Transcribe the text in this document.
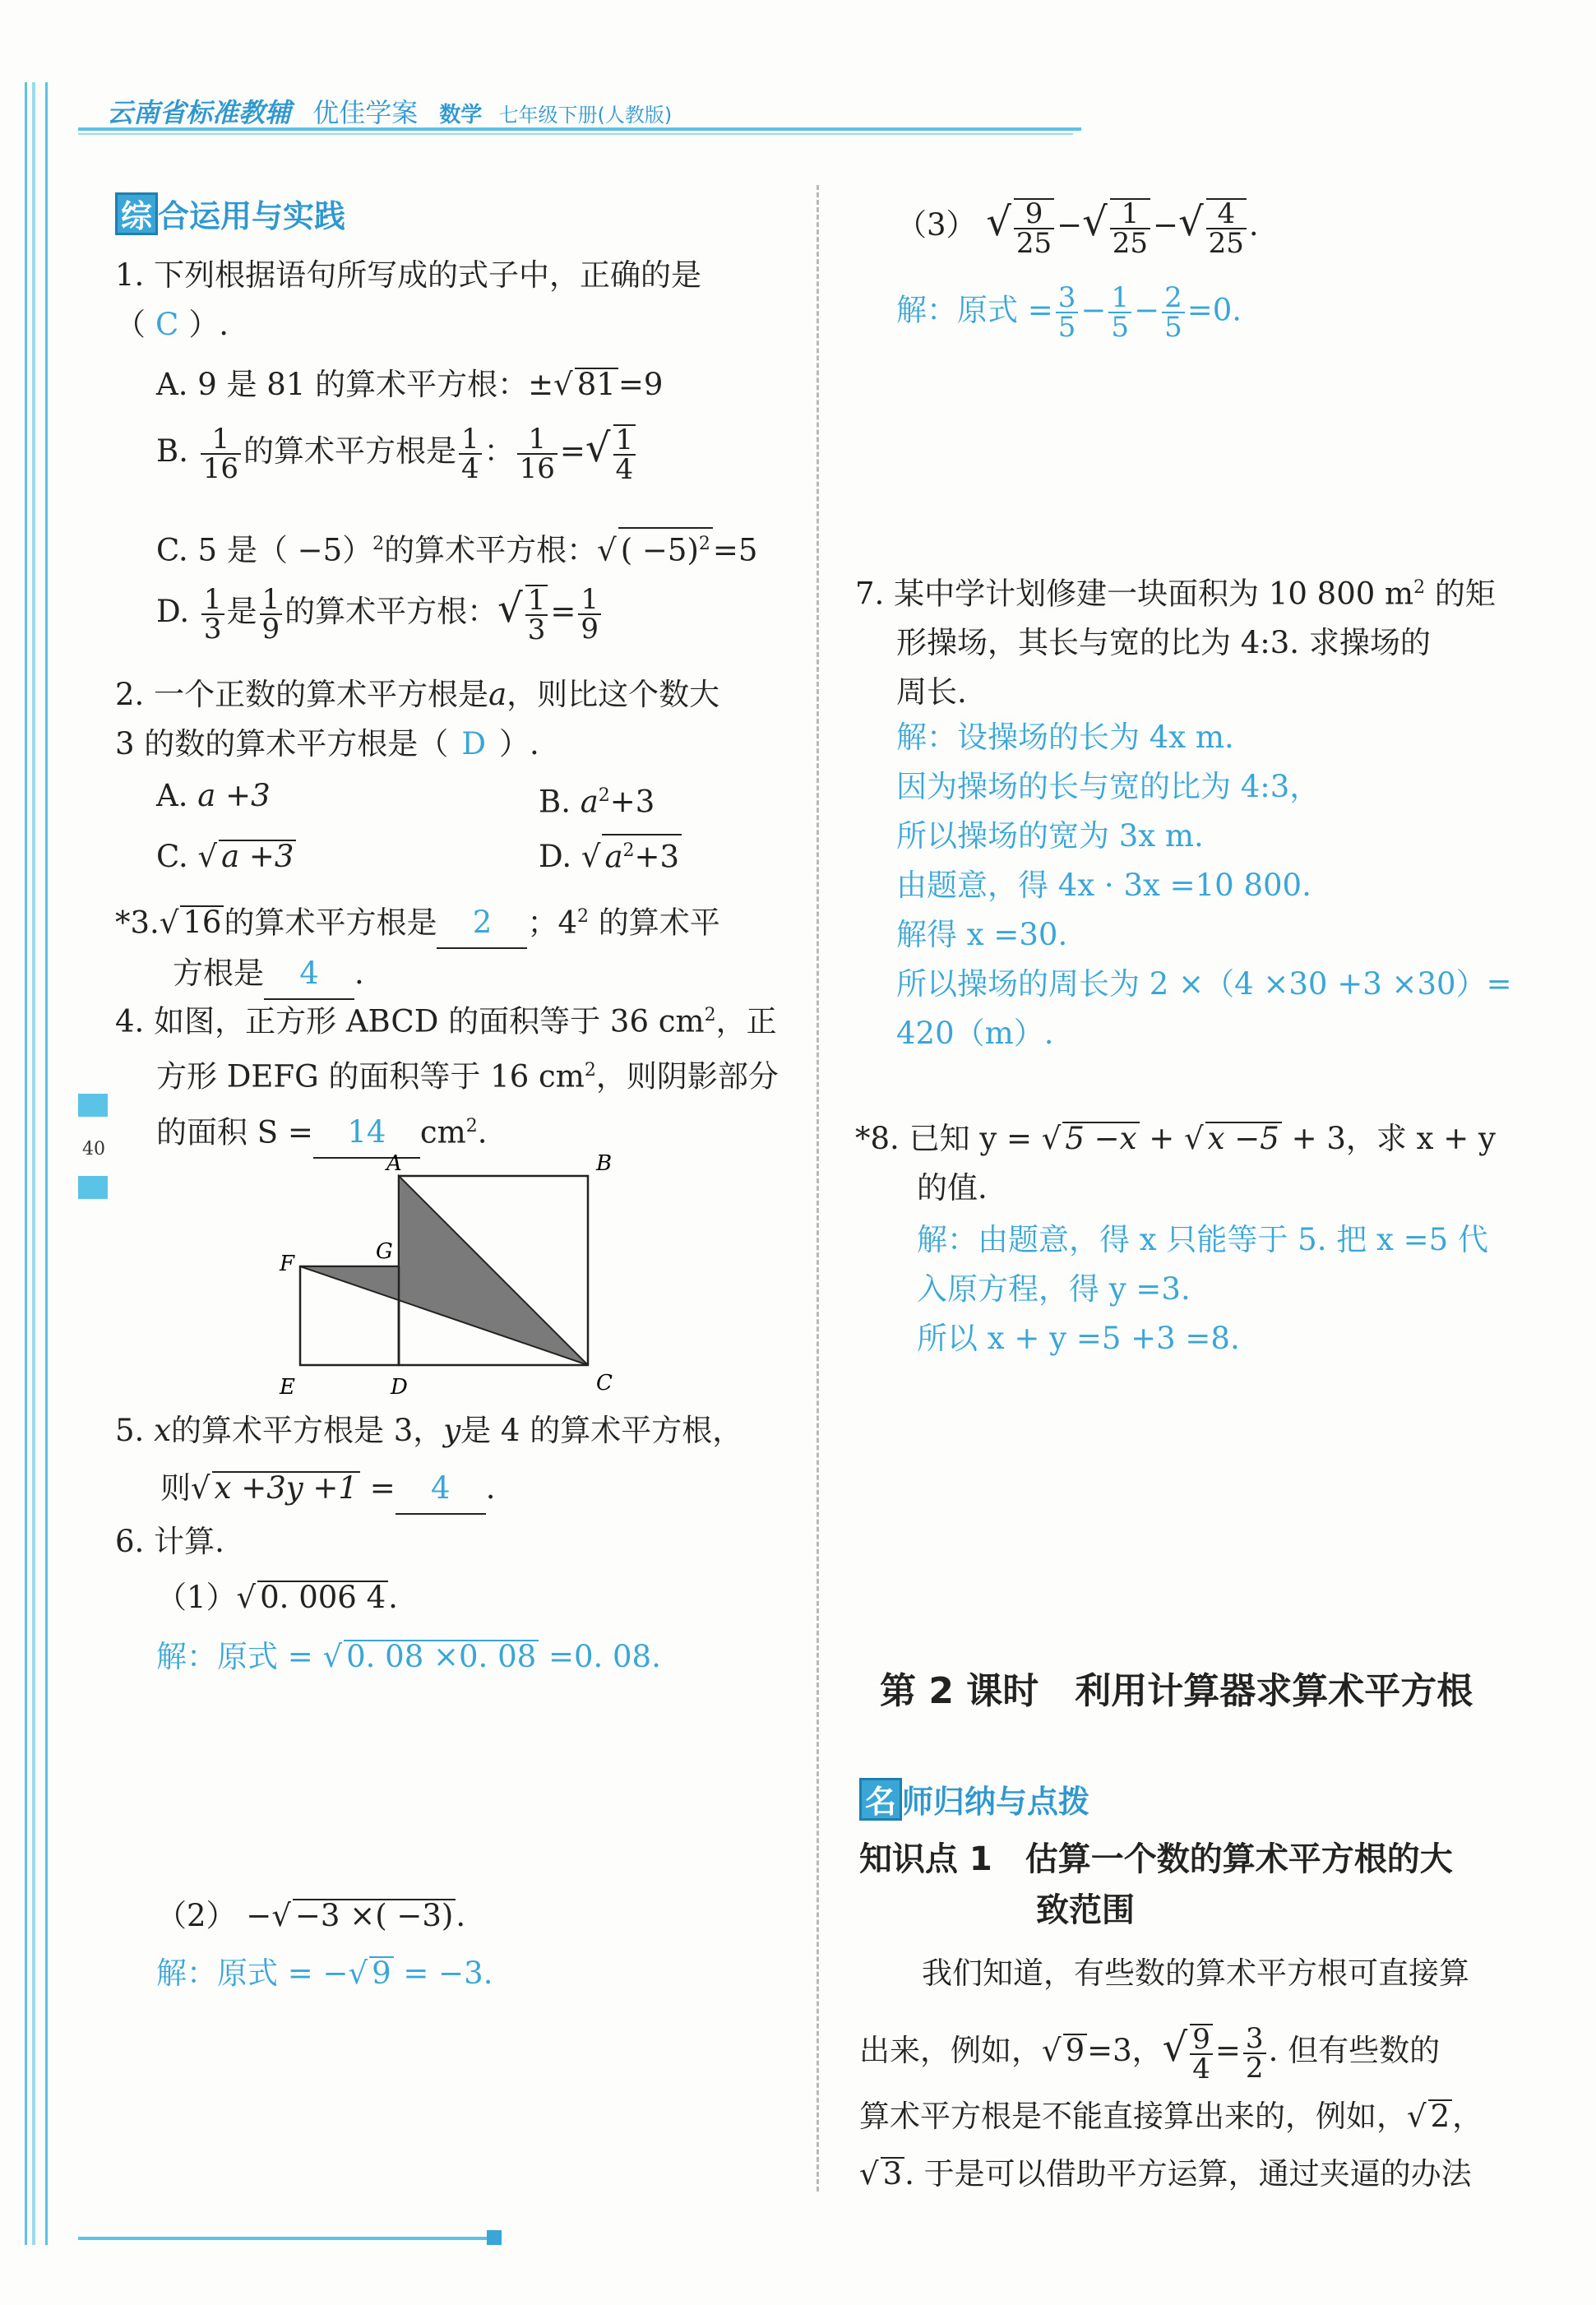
40
云南省标准教辅 优佳学案 数学 七年级下册(人教版)
综 合运用与实践
1. 下列根据语句所写成的式子中，正确的是（ C ）.
A. 9 是 81 的算术平方根：±√ 81=9
B. $\frac{1}{16}$ 的算术平方根是 $\frac{1}{4}$ ： $\frac{1}{16}$ =√ $\frac{1}{4}$
C. 5 是（ −5）$^2$的算术平方根：√ ( −5)$^2$=5
D. $\frac{1}{3}$ 是 $\frac{1}{9}$ 的算术平方根：√ $\frac{1}{3} = \frac{1}{9}$
2. 一个正数的算术平方根是a，则比这个数大
3 的数的算术平方根是（ D ）.
A. a +3	B. $a^2+3$
C. √ a +3	D. √ $a^2+3$
*3.√ 16的算术平方根是 2 ；$4^2$ 的算术平
方根是 4 .
4. 如图，正方形 ABCD 的面积等于 36 $cm^2$，正
方形 DEFG 的面积等于 16 $cm^2$，则阴影部分
的面积 S = 14 $cm^2$.
A	B
C
D
E
F	G
5. x的算术平方根是 3，y是 4 的算术平方根，
则√ x +3y +1 = 4 .
6. 计算.
（1）√ 0. 006 4.
解：原式 = √ 0. 08 ×0. 08 =0. 08.
（2） −√ −3 ×( −3).
解：原式 = −√ 9 = −3.
（3） √ $\frac{9}{25}$ −√ $\frac{1}{25}$ −√ $\frac{4}{25}$ .
解：原式 = $\frac{3}{5} - \frac{1}{5} - \frac{2}{5} =0$.
7. 某中学计划修建一块面积为 10 800 $m^2$ 的矩
形操场，其长与宽的比为 4:3. 求操场的
周长.
解：设操场的长为 4x m.
因为操场的长与宽的比为 4:3，
所以操场的宽为 3x m.
由题意，得 4x · 3x =10 800.
解得 x =30.
所以操场的周长为 2 ×（4 ×30 +3 ×30）=
420（m）.
*8. 已知 y = √ 5 −x + √ x −5 + 3，求 x + y
的值.
解：由题意，得 x 只能等于 5. 把 x =5 代
入原方程，得 y =3.
所以 x + y =5 +3 =8.
第 2 课时　利用计算器求算术平方根
名 师归纳与点拨
知识点 1 估算一个数的算术平方根的大
致范围
我们知道，有些数的算术平方根可直接算
出来，例如，√ 9=3，√ $\frac{9}{4} = \frac{3}{2}$ . 但有些数的
算术平方根是不能直接算出来的，例如，√ 2，
√ 3. 于是可以借助平方运算，通过夹逼的办法
